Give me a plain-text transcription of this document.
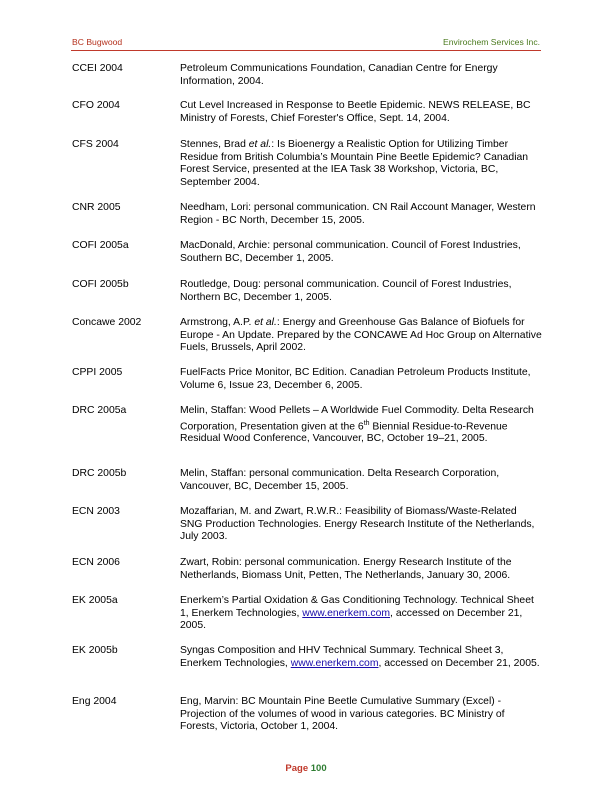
BC Bugwood	Envirochem Services Inc.
CCEI 2004	Petroleum Communications Foundation, Canadian Centre for Energy Information, 2004.
CFO 2004	Cut Level Increased in Response to Beetle Epidemic. NEWS RELEASE, BC Ministry of Forests, Chief Forester's Office, Sept. 14, 2004.
CFS 2004	Stennes, Brad et al.: Is Bioenergy a Realistic Option for Utilizing Timber Residue from British Columbia’s Mountain Pine Beetle Epidemic? Canadian Forest Service, presented at the IEA Task 38 Workshop, Victoria, BC, September 2004.
CNR 2005	Needham, Lori: personal communication. CN Rail Account Manager, Western Region - BC North, December 15, 2005.
COFI 2005a	MacDonald, Archie: personal communication. Council of Forest Industries, Southern BC, December 1, 2005.
COFI 2005b	Routledge, Doug: personal communication. Council of Forest Industries, Northern BC, December 1, 2005.
Concawe 2002	Armstrong, A.P. et al.: Energy and Greenhouse Gas Balance of Biofuels for Europe - An Update. Prepared by the CONCAWE Ad Hoc Group on Alternative Fuels, Brussels, April 2002.
CPPI 2005	FuelFacts Price Monitor, BC Edition. Canadian Petroleum Products Institute, Volume 6, Issue 23, December 6, 2005.
DRC 2005a	Melin, Staffan: Wood Pellets – A Worldwide Fuel Commodity. Delta Research Corporation, Presentation given at the 6th Biennial Residue-to-Revenue Residual Wood Conference, Vancouver, BC, October 19–21, 2005.
DRC 2005b	Melin, Staffan: personal communication. Delta Research Corporation, Vancouver, BC, December 15, 2005.
ECN 2003	Mozaffarian, M. and Zwart, R.W.R.: Feasibility of Biomass/Waste-Related SNG Production Technologies. Energy Research Institute of the Netherlands, July 2003.
ECN 2006	Zwart, Robin: personal communication. Energy Research Institute of the Netherlands, Biomass Unit, Petten, The Netherlands, January 30, 2006.
EK 2005a	Enerkem’s Partial Oxidation & Gas Conditioning Technology. Technical Sheet 1, Enerkem Technologies, www.enerkem.com, accessed on December 21, 2005.
EK 2005b	Syngas Composition and HHV Technical Summary. Technical Sheet 3, Enerkem Technologies, www.enerkem.com, accessed on December 21, 2005.
Eng 2004	Eng, Marvin: BC Mountain Pine Beetle Cumulative Summary (Excel) - Projection of the volumes of wood in various categories. BC Ministry of Forests, Victoria, October 1, 2004.
Page 100
